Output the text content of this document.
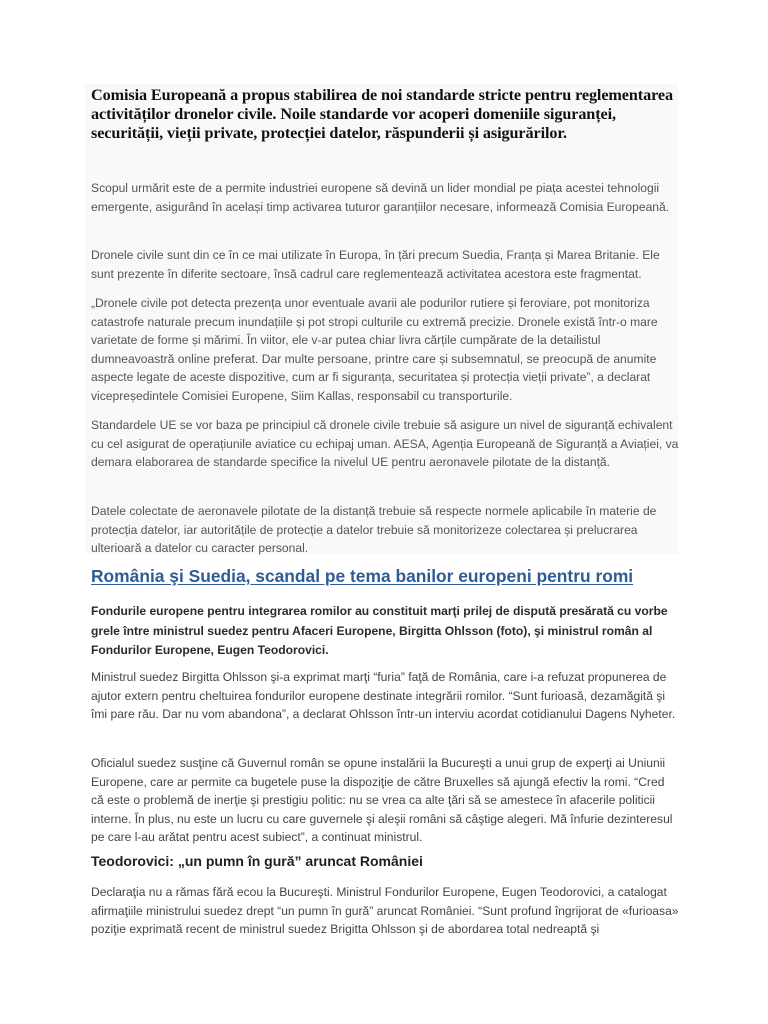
Comisia Europeană a propus stabilirea de noi standarde stricte pentru reglementarea activităților dronelor civile. Noile standarde vor acoperi domeniile siguranței, securității, vieții private, protecției datelor, răspunderii și asigurărilor.

Scopul urmărit este de a permite industriei europene să devină un lider mondial pe piața acestei tehnologii emergente, asigurând în același timp activarea tuturor garanțiilor necesare, informează Comisia Europeană.

Dronele civile sunt din ce în ce mai utilizate în Europa, în țări precum Suedia, Franța și Marea Britanie. Ele sunt prezente în diferite sectoare, însă cadrul care reglementează activitatea acestora este fragmentat.

„Dronele civile pot detecta prezența unor eventuale avarii ale podurilor rutiere și feroviare, pot monitoriza catastrofe naturale precum inundațiile și pot stropi culturile cu extremă precizie. Dronele există într-o mare varietate de forme și mărimi. În viitor, ele v-ar putea chiar livra cărțile cumpărate de la detailistul dumneavoastră online preferat. Dar multe persoane, printre care și subsemnatul, se preocupă de anumite aspecte legate de aceste dispozitive, cum ar fi siguranța, securitatea și protecția vieții private”, a declarat vicepreședintele Comisiei Europene, Siim Kallas, responsabil cu transporturile.

Standardele UE se vor baza pe principiul că dronele civile trebuie să asigure un nivel de siguranță echivalent cu cel asigurat de operațiunile aviatice cu echipaj uman. AESA, Agenția Europeană de Siguranță a Aviației, va demara elaborarea de standarde specifice la nivelul UE pentru aeronavele pilotate de la distanță.

Datele colectate de aeronavele pilotate de la distanță trebuie să respecte normele aplicabile în materie de protecția datelor, iar autoritățile de protecție a datelor trebuie să monitorizeze colectarea și prelucrarea ulterioară a datelor cu caracter personal.

România şi Suedia, scandal pe tema banilor europeni pentru romi

Fondurile europene pentru integrarea romilor au constituit marţi prilej de dispută presărată cu vorbe grele între ministrul suedez pentru Afaceri Europene, Birgitta Ohlsson (foto), şi ministrul român al Fondurilor Europene, Eugen Teodorovici.

Ministrul suedez Birgitta Ohlsson şi-a exprimat marţi “furia” faţă de România, care i-a refuzat propunerea de ajutor extern pentru cheltuirea fondurilor europene destinate integrării romilor. “Sunt furioasă, dezamăgită şi îmi pare rău. Dar nu vom abandona”, a declarat Ohlsson într-un interviu acordat cotidianului Dagens Nyheter.

Oficialul suedez susţine că Guvernul român se opune instalării la Bucureşti a unui grup de experţi ai Uniunii Europene, care ar permite ca bugetele puse la dispoziţie de către Bruxelles să ajungă efectiv la romi. “Cred că este o problemă de inerţie şi prestigiu politic: nu se vrea ca alte ţări să se amestece în afacerile politicii interne. În plus, nu este un lucru cu care guvernele şi aleşii români să câştige alegeri. Mă înfurie dezinteresul pe care l-au arătat pentru acest subiect”, a continuat ministrul.

Teodorovici: „un pumn în gură” aruncat României

Declaraţia nu a rămas fără ecou la Bucureşti. Ministrul Fondurilor Europene, Eugen Teodorovici, a catalogat afirmaţiile ministrului suedez drept “un pumn în gură” aruncat României. “Sunt profund îngrijorat de «furioasa» poziţie exprimată recent de ministrul suedez Brigitta Ohlsson şi de abordarea total nedreaptă şi
